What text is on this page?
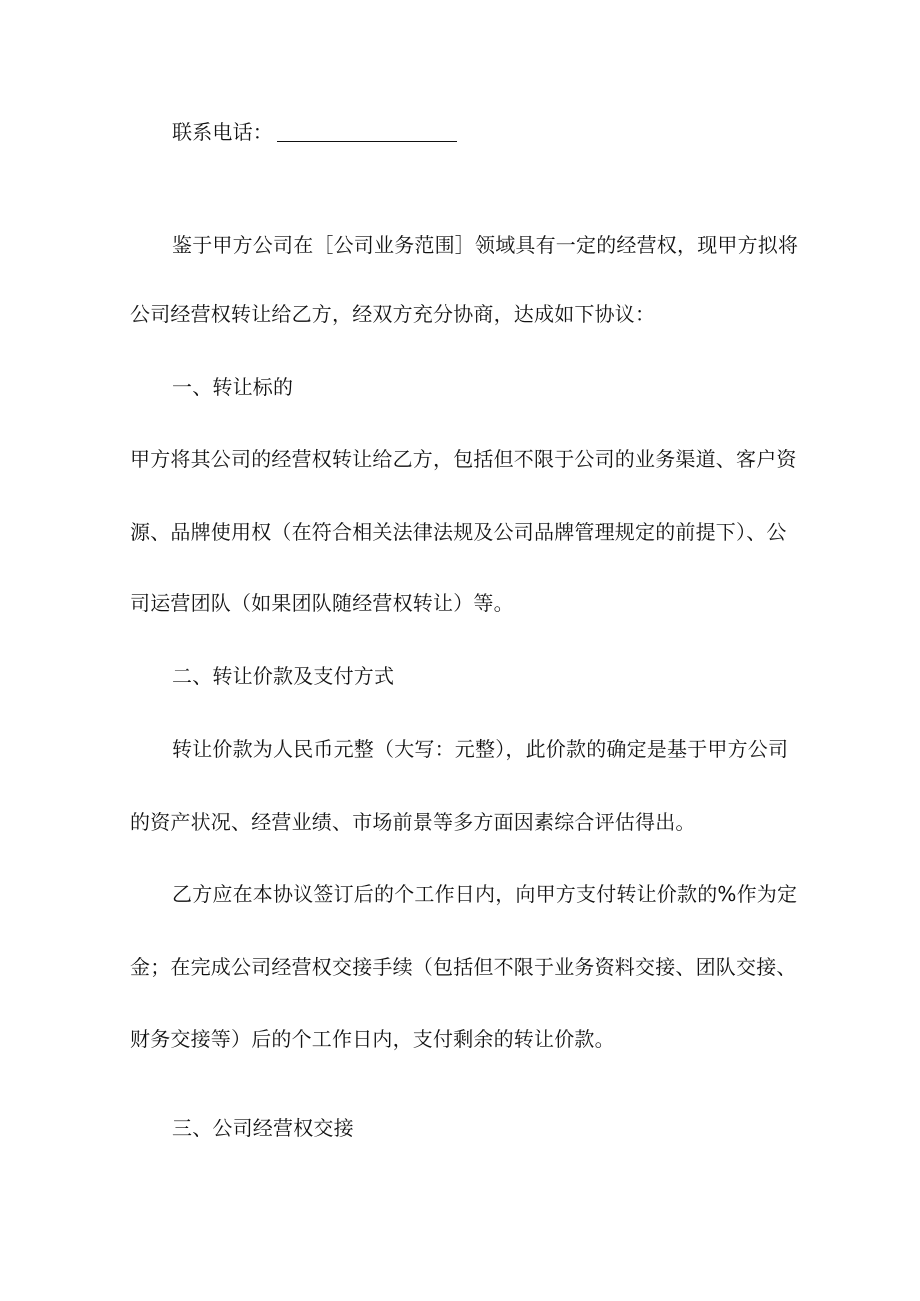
联系电话：
鉴于甲方公司在［公司业务范围］领域具有一定的经营权，现甲方拟将
公司经营权转让给乙方，经双方充分协商，达成如下协议：
一、转让标的
甲方将其公司的经营权转让给乙方，包括但不限于公司的业务渠道、客户资
源、品牌使用权（在符合相关法律法规及公司品牌管理规定的前提下）、公
司运营团队（如果团队随经营权转让）等。
二、转让价款及支付方式
转让价款为人民币元整（大写：元整），此价款的确定是基于甲方公司
的资产状况、经营业绩、市场前景等多方面因素综合评估得出。
乙方应在本协议签订后的个工作日内，向甲方支付转让价款的%作为定
金；在完成公司经营权交接手续（包括但不限于业务资料交接、团队交接、
财务交接等）后的个工作日内，支付剩余的转让价款。
三、公司经营权交接
